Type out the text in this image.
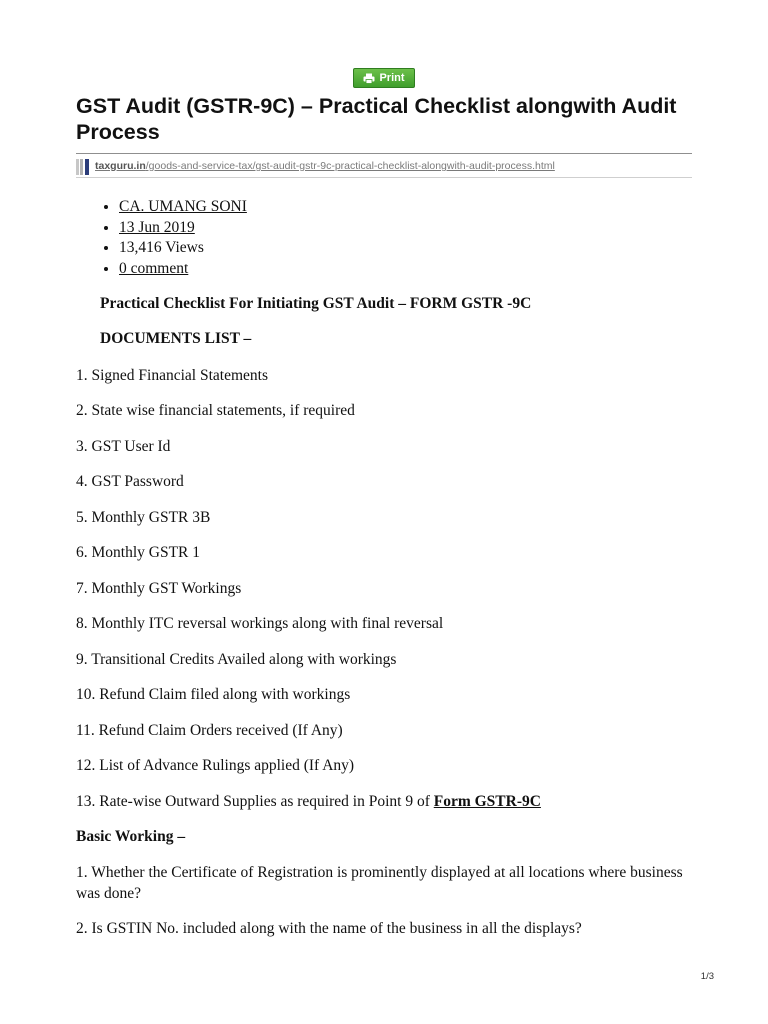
Print
GST Audit (GSTR-9C) – Practical Checklist alongwith Audit Process
taxguru.in/goods-and-service-tax/gst-audit-gstr-9c-practical-checklist-alongwith-audit-process.html
• CA. UMANG SONI
• 13 Jun 2019
• 13,416 Views
• 0 comment

Practical Checklist For Initiating GST Audit – FORM GSTR -9C

DOCUMENTS LIST –

1. Signed Financial Statements

2. State wise financial statements, if required

3. GST User Id

4. GST Password

5. Monthly GSTR 3B

6. Monthly GSTR 1

7. Monthly GST Workings

8. Monthly ITC reversal workings along with final reversal

9. Transitional Credits Availed along with workings

10. Refund Claim filed along with workings

11. Refund Claim Orders received (If Any)

12. List of Advance Rulings applied (If Any)

13. Rate-wise Outward Supplies as required in Point 9 of Form GSTR-9C

Basic Working –

1. Whether the Certificate of Registration is prominently displayed at all locations where business was done?

2. Is GSTIN No. included along with the name of the business in all the displays?

1/3
